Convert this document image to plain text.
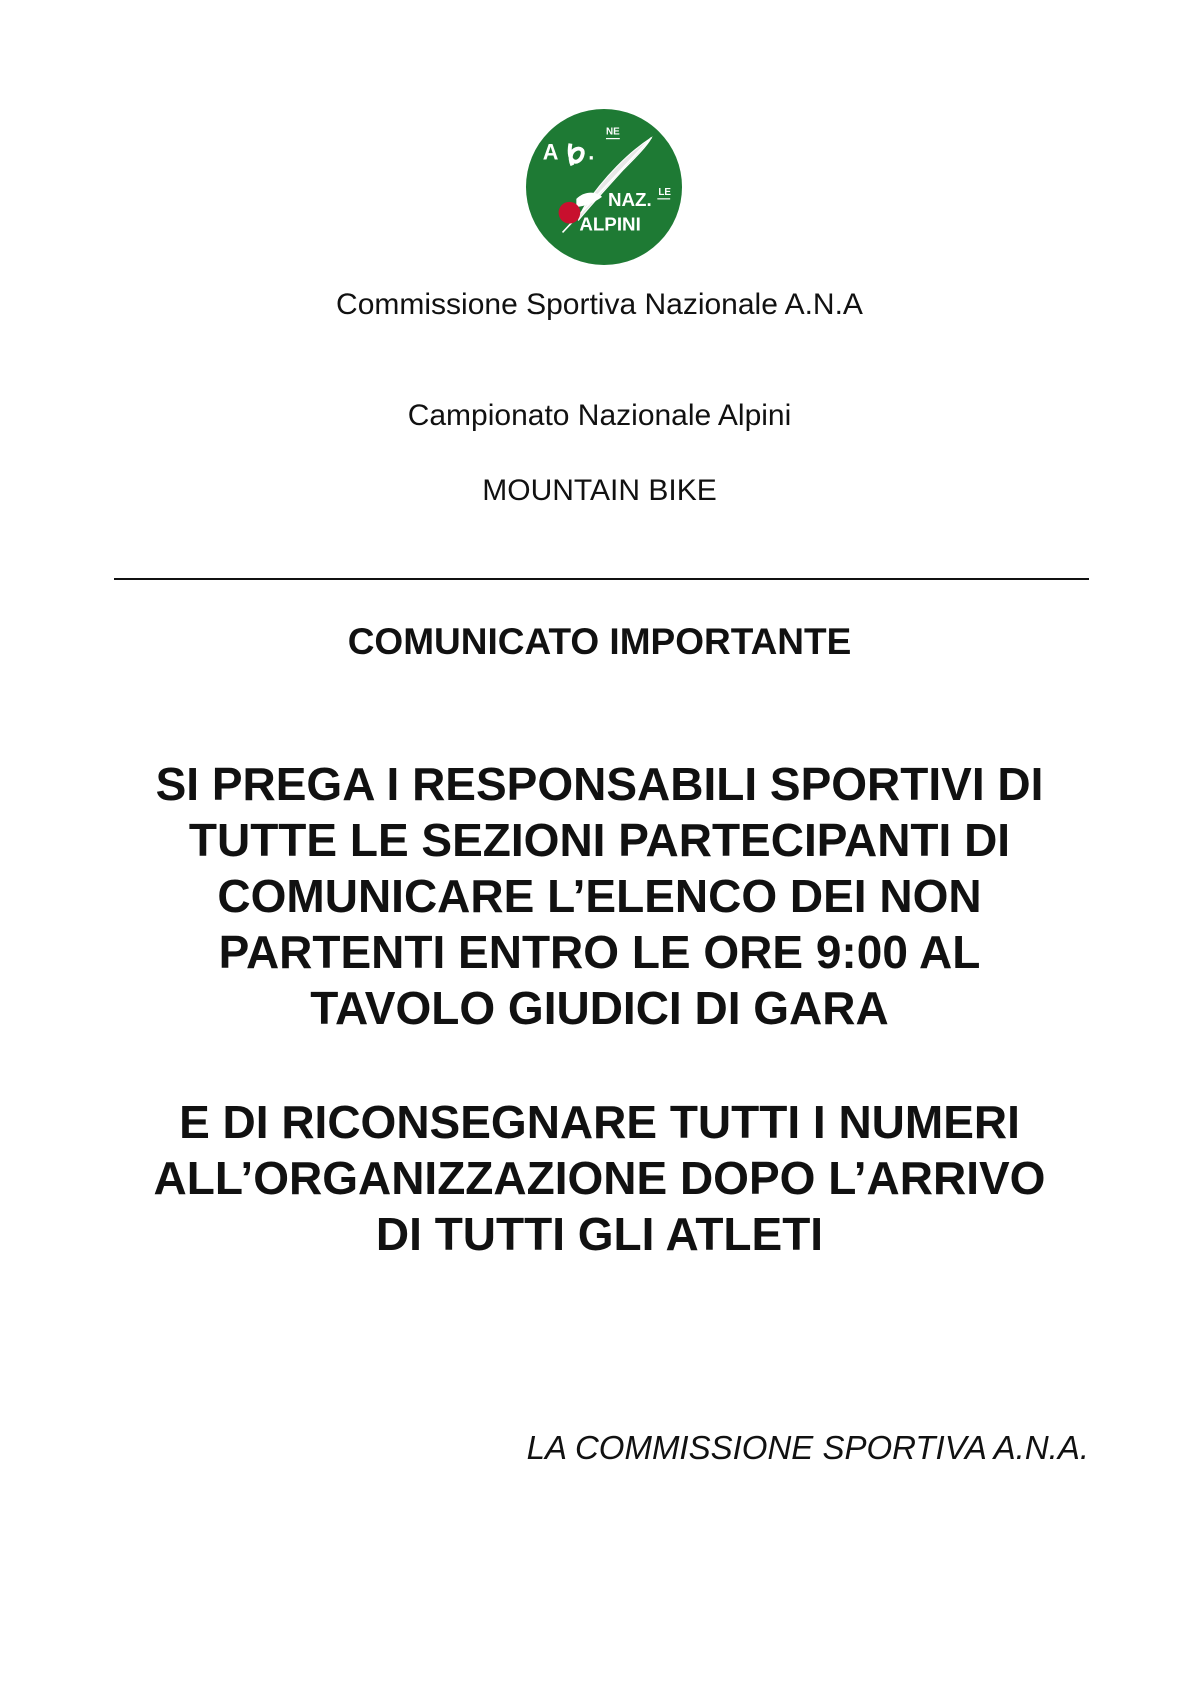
A .
NE
NAZ. LE
ALPINI
Commissione Sportiva Nazionale A.N.A
Campionato Nazionale Alpini
MOUNTAIN BIKE
COMUNICATO IMPORTANTE
SI PREGA I RESPONSABILI SPORTIVI DI
TUTTE LE SEZIONI PARTECIPANTI DI
COMUNICARE L’ELENCO DEI NON
PARTENTI ENTRO LE ORE 9:00 AL
TAVOLO GIUDICI DI GARA
E DI RICONSEGNARE TUTTI I NUMERI
ALL’ORGANIZZAZIONE DOPO L’ARRIVO
DI TUTTI GLI ATLETI
LA COMMISSIONE SPORTIVA A.N.A.
